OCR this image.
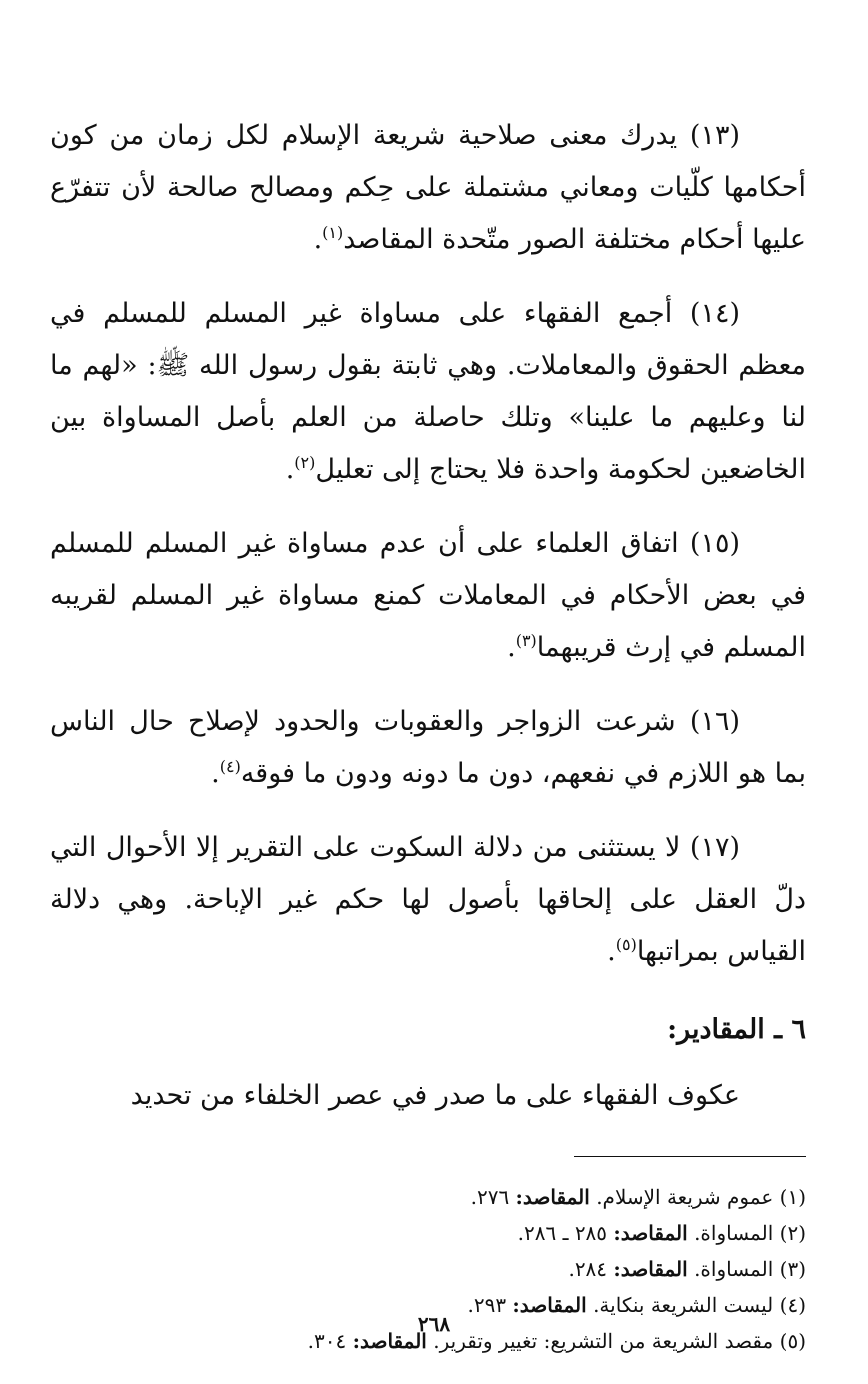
(١٣) يدرك معنى صلاحية شريعة الإسلام لكل زمان من كون أحكامها كلّيات ومعاني مشتملة على حِكم ومصالح صالحة لأن تتفرّع عليها أحكام مختلفة الصور متّحدة المقاصد$^{(١)}$.

(١٤) أجمع الفقهاء على مساواة غير المسلم للمسلم في معظم الحقوق والمعاملات. وهي ثابتة بقول رسول الله ﷺ: «لهم ما لنا وعليهم ما علينا» وتلك حاصلة من العلم بأصل المساواة بين الخاضعين لحكومة واحدة فلا يحتاج إلى تعليل$^{(٢)}$.

(١٥) اتفاق العلماء على أن عدم مساواة غير المسلم للمسلم في بعض الأحكام في المعاملات كمنع مساواة غير المسلم لقريبه المسلم في إرث قريبهما$^{(٣)}$.

(١٦) شرعت الزواجر والعقوبات والحدود لإصلاح حال الناس بما هو اللازم في نفعهم، دون ما دونه ودون ما فوقه$^{(٤)}$.

(١٧) لا يستثنى من دلالة السكوت على التقرير إلا الأحوال التي دلّ العقل على إلحاقها بأصول لها حكم غير الإباحة. وهي دلالة القياس بمراتبها$^{(٥)}$.

٦ ـ المقادير:

عكوف الفقهاء على ما صدر في عصر الخلفاء من تحديد

(١) عموم شريعة الإسلام. المقاصد: ٢٧٦.
(٢) المساواة. المقاصد: ٢٨٥ ـ ٢٨٦.
(٣) المساواة. المقاصد: ٢٨٤.
(٤) ليست الشريعة بنكاية. المقاصد: ٢٩٣.
(٥) مقصد الشريعة من التشريع: تغيير وتقرير. المقاصد: ٣٠٤.
٢٦٨
